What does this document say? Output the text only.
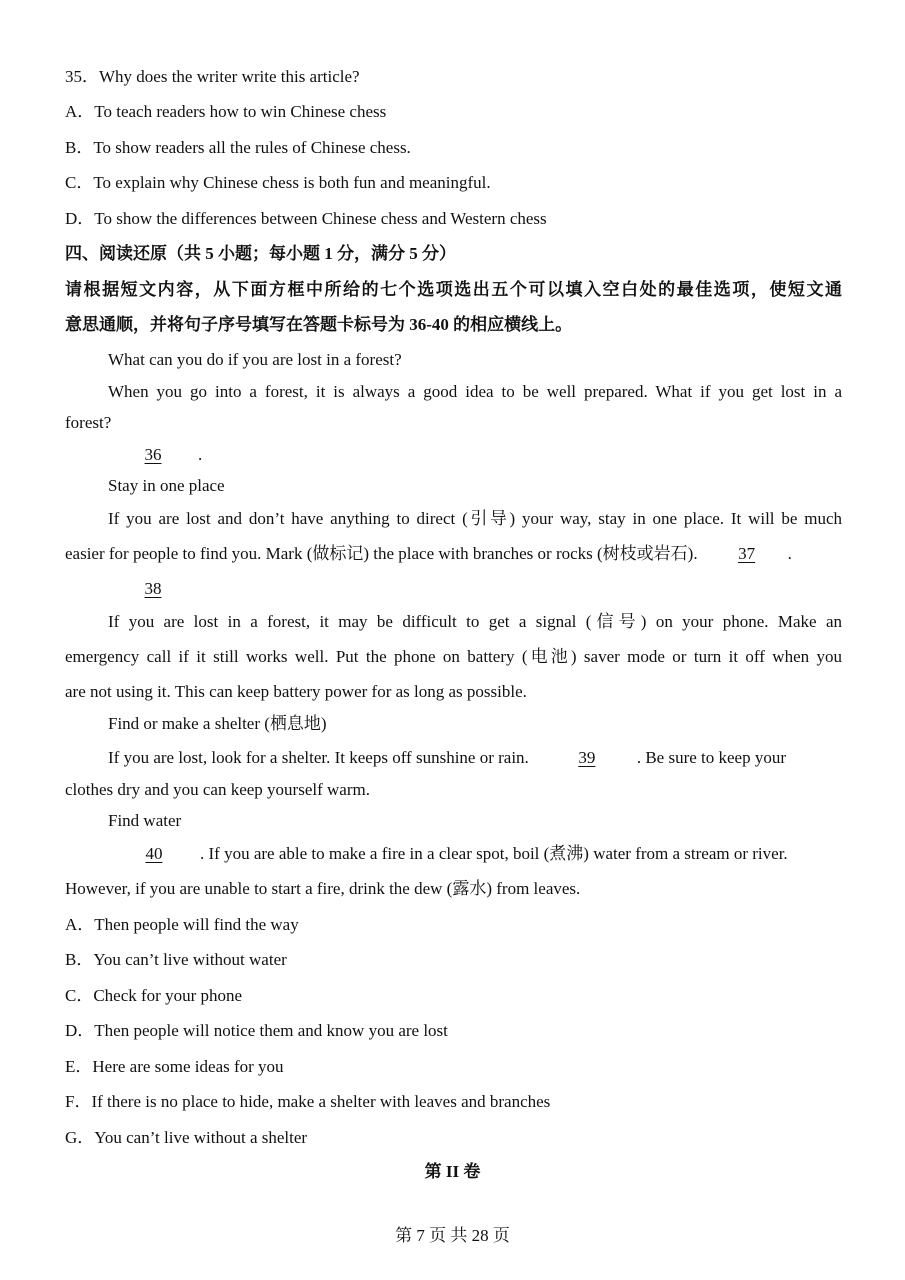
35．Why does the writer write this article?
A．To teach readers how to win Chinese chess
B．To show readers all the rules of Chinese chess.
C．To explain why Chinese chess is both fun and meaningful.
D．To show the differences between Chinese chess and Western chess
四、阅读还原（共 5 小题；每小题 1 分，满分 5 分）
请根据短文内容，从下面方框中所给的七个选项选出五个可以填入空白处的最佳选项，使短文通
意思通顺，并将句子序号填写在答题卡标号为 36-40 的相应横线上。
What can you do if you are lost in a forest?
When you go into a forest, it is always a good idea to be well prepared. What if you get lost in a
forest?
36 .
Stay in one place
If you are lost and don’t have anything to direct (引导) your way, stay in one place. It will be much
easier for people to find you. Mark (做标记) the place with branches or rocks (树枝或岩石). 37 .
38
If you are lost in a forest, it may be difficult to get a signal (信号) on your phone. Make an
emergency call if it still works well. Put the phone on battery (电池) saver mode or turn it off when you
are not using it. This can keep battery power for as long as possible.
Find or make a shelter (栖息地)
If you are lost, look for a shelter. It keeps off sunshine or rain.	39 . Be sure to keep your
clothes dry and you can keep yourself warm.
Find water
40 . If you are able to make a fire in a clear spot, boil (煮沸) water from a stream or river.
However, if you are unable to start a fire, drink the dew (露水) from leaves.
A．Then people will find the way
B．You can’t live without water
C．Check for your phone
D．Then people will notice them and know you are lost
E．Here are some ideas for you
F．If there is no place to hide, make a shelter with leaves and branches
G．You can’t live without a shelter
第 II 卷
第 7 页 共 28 页
